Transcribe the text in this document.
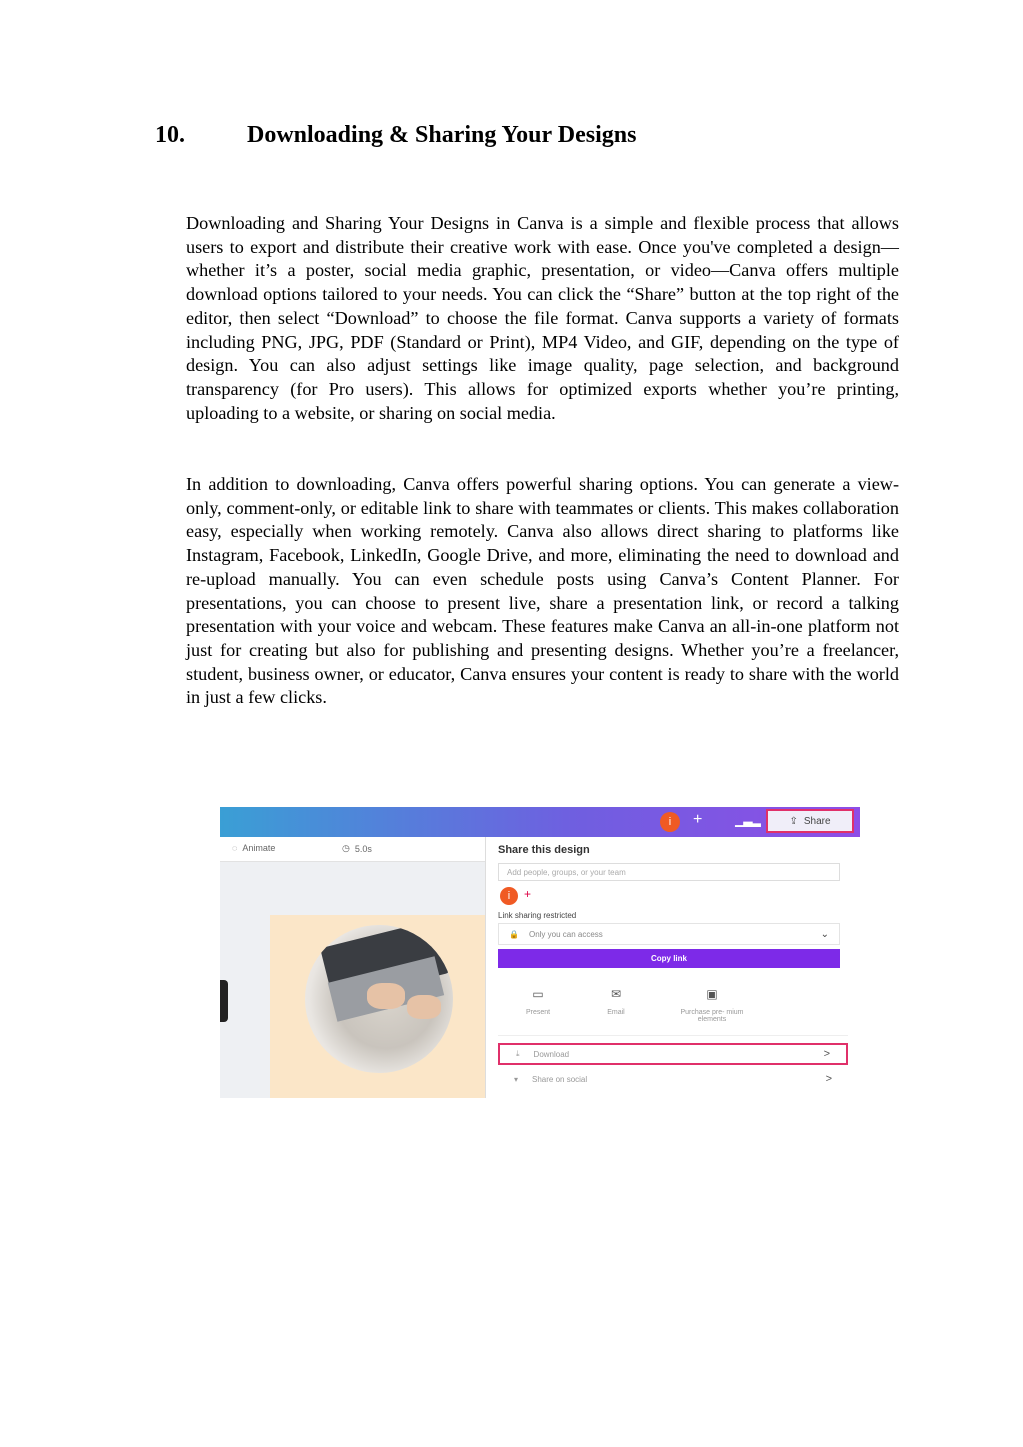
10.	Downloading & Sharing Your Designs

Downloading and Sharing Your Designs in Canva is a simple and flexible process that allows users to export and distribute their creative work with ease. Once you've completed a design—whether it’s a poster, social media graphic, presentation, or video—Canva offers multiple download options tailored to your needs. You can click the “Share” button at the top right of the editor, then select “Download” to choose the file format. Canva supports a variety of formats including PNG, JPG, PDF (Standard or Print), MP4 Video, and GIF, depending on the type of design. You can also adjust settings like image quality, page selection, and background transparency (for Pro users). This allows for optimized exports whether you’re printing, uploading to a website, or sharing on social media.

In addition to downloading, Canva offers powerful sharing options. You can generate a view-only, comment-only, or editable link to share with teammates or clients. This makes collaboration easy, especially when working remotely. Canva also allows direct sharing to platforms like Instagram, Facebook, LinkedIn, Google Drive, and more, eliminating the need to download and re-upload manually. You can even schedule posts using Canva’s Content Planner. For presentations, you can choose to present live, share a presentation link, or record a talking presentation with your voice and webcam. These features make Canva an all-in-one platform not just for creating but also for publishing and presenting designs. Whether you’re a freelancer, student, business owner, or educator, Canva ensures your content is ready to share with the world in just a few clicks.

i	+	▁▃▂	⇪ Share
◌ Animate	◷ 5.0s	Share this design
Add people, groups, or your team
i	+
Link sharing restricted
🔒 Only you can access	⌄
Copy link
▭
Present
✉
Email
▣
Purchase pre- mium elements
⤓ Download	>
▾ Share on social	>
